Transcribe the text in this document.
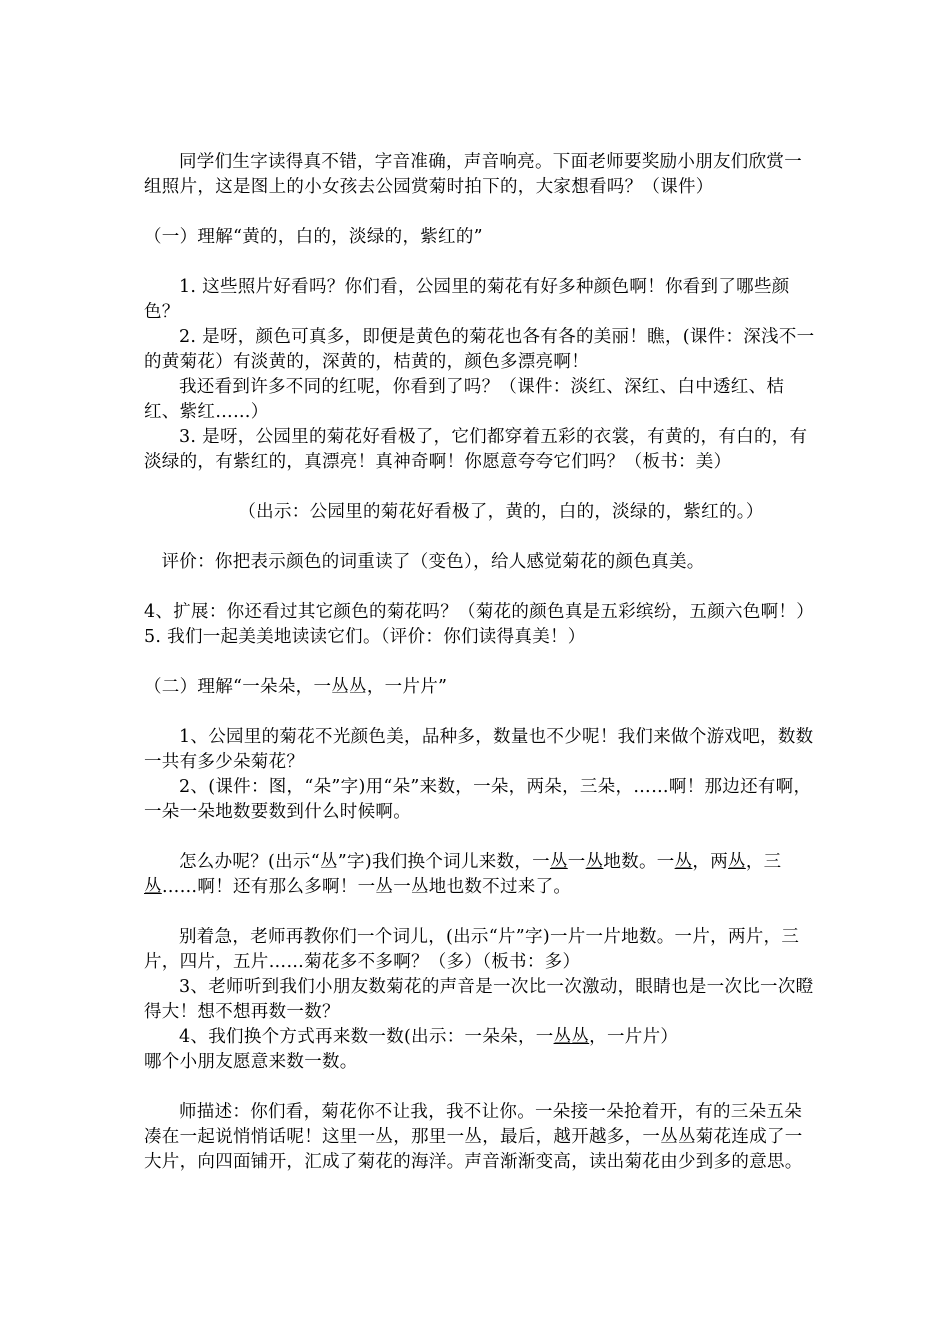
同学们生字读得真不错，字音准确，声音响亮。下面老师要奖励小朋友们欣赏一组照片，这是图上的小女孩去公园赏菊时拍下的，大家想看吗？（课件）

（一）理解“黄的，白的，淡绿的，紫红的”

1. 这些照片好看吗？你们看，公园里的菊花有好多种颜色啊！你看到了哪些颜色？

2. 是呀，颜色可真多，即便是黄色的菊花也各有各的美丽！瞧，(课件：深浅不一的黄菊花）有淡黄的，深黄的，桔黄的，颜色多漂亮啊！

我还看到许多不同的红呢，你看到了吗？（课件：淡红、深红、白中透红、桔红、紫红……）

3. 是呀，公园里的菊花好看极了，它们都穿着五彩的衣裳，有黄的，有白的，有淡绿的，有紫红的，真漂亮！真神奇啊！你愿意夸夸它们吗？（板书：美）

（出示：公园里的菊花好看极了，黄的，白的，淡绿的，紫红的。）

评价：你把表示颜色的词重读了（变色），给人感觉菊花的颜色真美。

4、扩展：你还看过其它颜色的菊花吗？（菊花的颜色真是五彩缤纷，五颜六色啊！）

5. 我们一起美美地读读它们。（评价：你们读得真美！）

（二）理解“一朵朵，一丛丛，一片片”

1、公园里的菊花不光颜色美，品种多，数量也不少呢！我们来做个游戏吧，数数一共有多少朵菊花？

2、(课件：图，“朵”字)用“朵”来数，一朵，两朵，三朵，……啊！那边还有啊，一朵一朵地数要数到什么时候啊。

怎么办呢？(出示“丛”字)我们换个词儿来数，一丛一丛地数。一丛，两丛，三丛……啊！还有那么多啊！一丛一丛地也数不过来了。

别着急，老师再教你们一个词儿，(出示“片”字)一片一片地数。一片，两片，三片，四片，五片……菊花多不多啊？（多）（板书：多）

3、老师听到我们小朋友数菊花的声音是一次比一次激动，眼睛也是一次比一次瞪得大！想不想再数一数？

4、我们换个方式再来数一数(出示：一朵朵，一丛丛，一片片）

哪个小朋友愿意来数一数。

师描述：你们看，菊花你不让我，我不让你。一朵接一朵抢着开，有的三朵五朵凑在一起说悄悄话呢！这里一丛，那里一丛，最后，越开越多，一丛丛菊花连成了一大片，向四面铺开，汇成了菊花的海洋。声音渐渐变高，读出菊花由少到多的意思。
